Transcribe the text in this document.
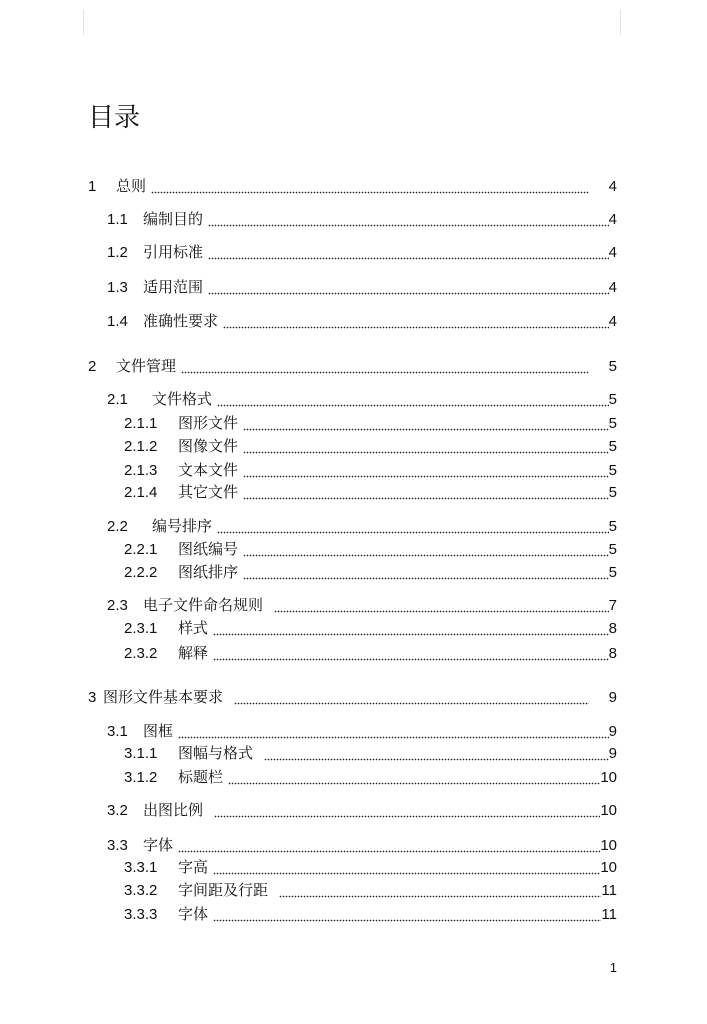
目录
1	总则	4
1.1	编制目的	4
1.2	引用标准	4
1.3	适用范围	4
1.4	准确性要求	4
2	文件管理	5
2.1	文件格式	5
2.1.1	图形文件	5
2.1.2	图像文件	5
2.1.3	文本文件	5
2.1.4	其它文件	5
2.2	编号排序	5
2.2.1	图纸编号	5
2.2.2	图纸排序	5
2.3	电子文件命名规则	7
2.3.1	样式	8
2.3.2	解释	8
3 图形文件基本要求	9
3.1	图框	9
3.1.1	图幅与格式	9
3.1.2	标题栏	10
3.2	出图比例	10
3.3	字体	10
3.3.1	字高	10
3.3.2	字间距及行距	11
3.3.3	字体	11
1
